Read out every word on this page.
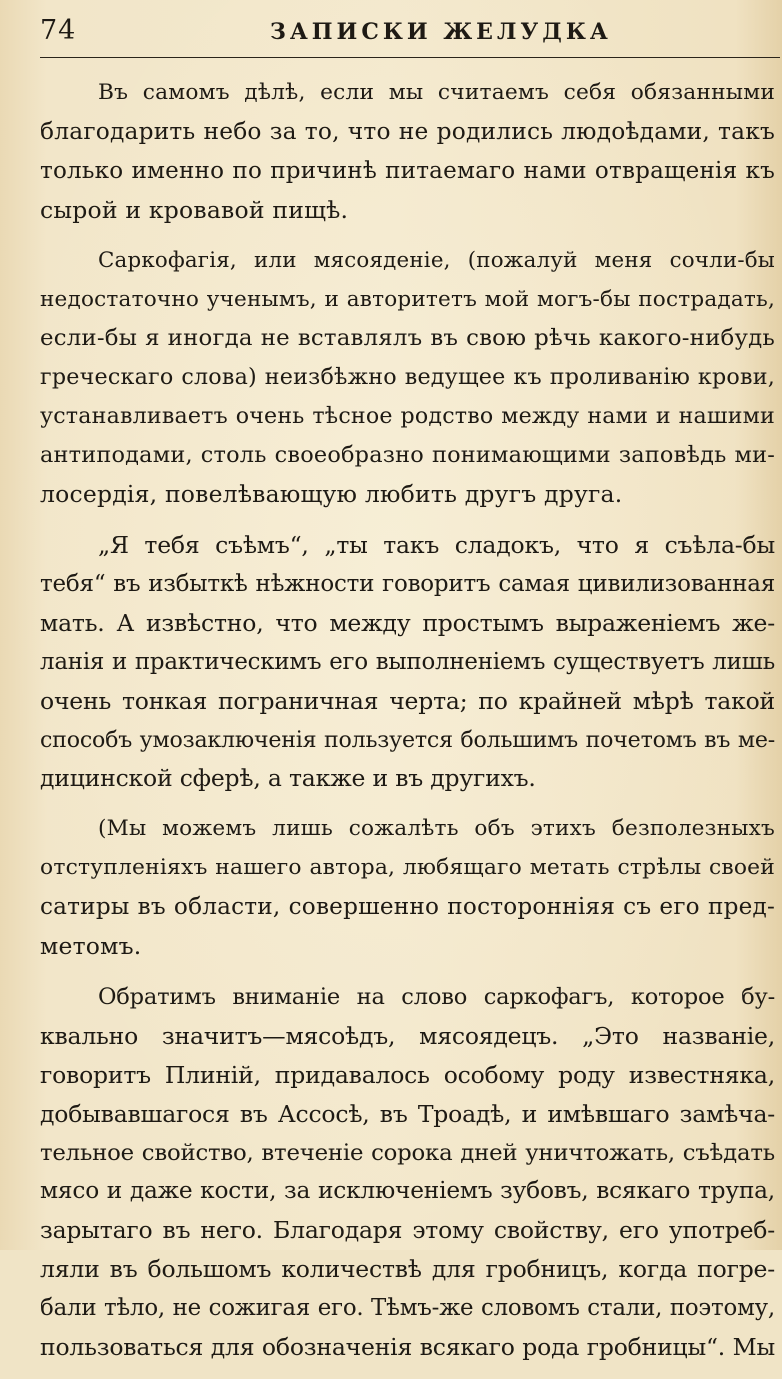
74	ЗАПИСКИ ЖЕЛУДКА

Въ самомъ дѣлѣ, если мы считаемъ себя обязанными
благодарить небо за то, что не родились людоѣдами, такъ
только именно по причинѣ питаемаго нами отвращенія къ
сырой и кровавой пищѣ.

Саркофагія, или мясояденіе, (пожалуй меня сочли-бы
недостаточно ученымъ, и авторитетъ мой могъ-бы пострадать,
если-бы я иногда не вставлялъ въ свою рѣчь какого-нибудь
греческаго слова) неизбѣжно ведущее къ проливанію крови,
устанавливаетъ очень тѣсное родство между нами и нашими
антиподами, столь своеобразно понимающими заповѣдь ми-
лосердія, повелѣвающую любить другъ друга.

„Я тебя съѣмъ“, „ты такъ сладокъ, что я съѣла-бы
тебя“ въ избыткѣ нѣжности говоритъ самая цивилизованная
мать. А извѣстно, что между простымъ выраженіемъ же-
ланія и практическимъ его выполненіемъ существуетъ лишь
очень тонкая пограничная черта; по крайней мѣрѣ такой
способъ умозаключенія пользуется большимъ почетомъ въ ме-
дицинской сферѣ, а также и въ другихъ.

(Мы можемъ лишь сожалѣть объ этихъ безполезныхъ
отступленіяхъ нашего автора, любящаго метать стрѣлы своей
сатиры въ области, совершенно посторонніяя съ его пред-
метомъ.

Обратимъ вниманіе на слово саркофагъ, которое бу-
квально значитъ—мясоѣдъ, мясоядецъ. „Это названіе,
говоритъ Плиній, придавалось особому роду известняка,
добывавшагося въ Ассосѣ, въ Троадѣ, и имѣвшаго замѣча-
тельное свойство, втеченіе сорока дней уничтожать, съѣдать
мясо и даже кости, за исключеніемъ зубовъ, всякаго трупа,
зарытаго въ него. Благодаря этому свойству, его употреб-
ляли въ большомъ количествѣ для гробницъ, когда погре-
бали тѣло, не сожигая его. Тѣмъ-же словомъ стали, поэтому,
пользоваться для обозначенія всякаго рода гробницы“. Мы
